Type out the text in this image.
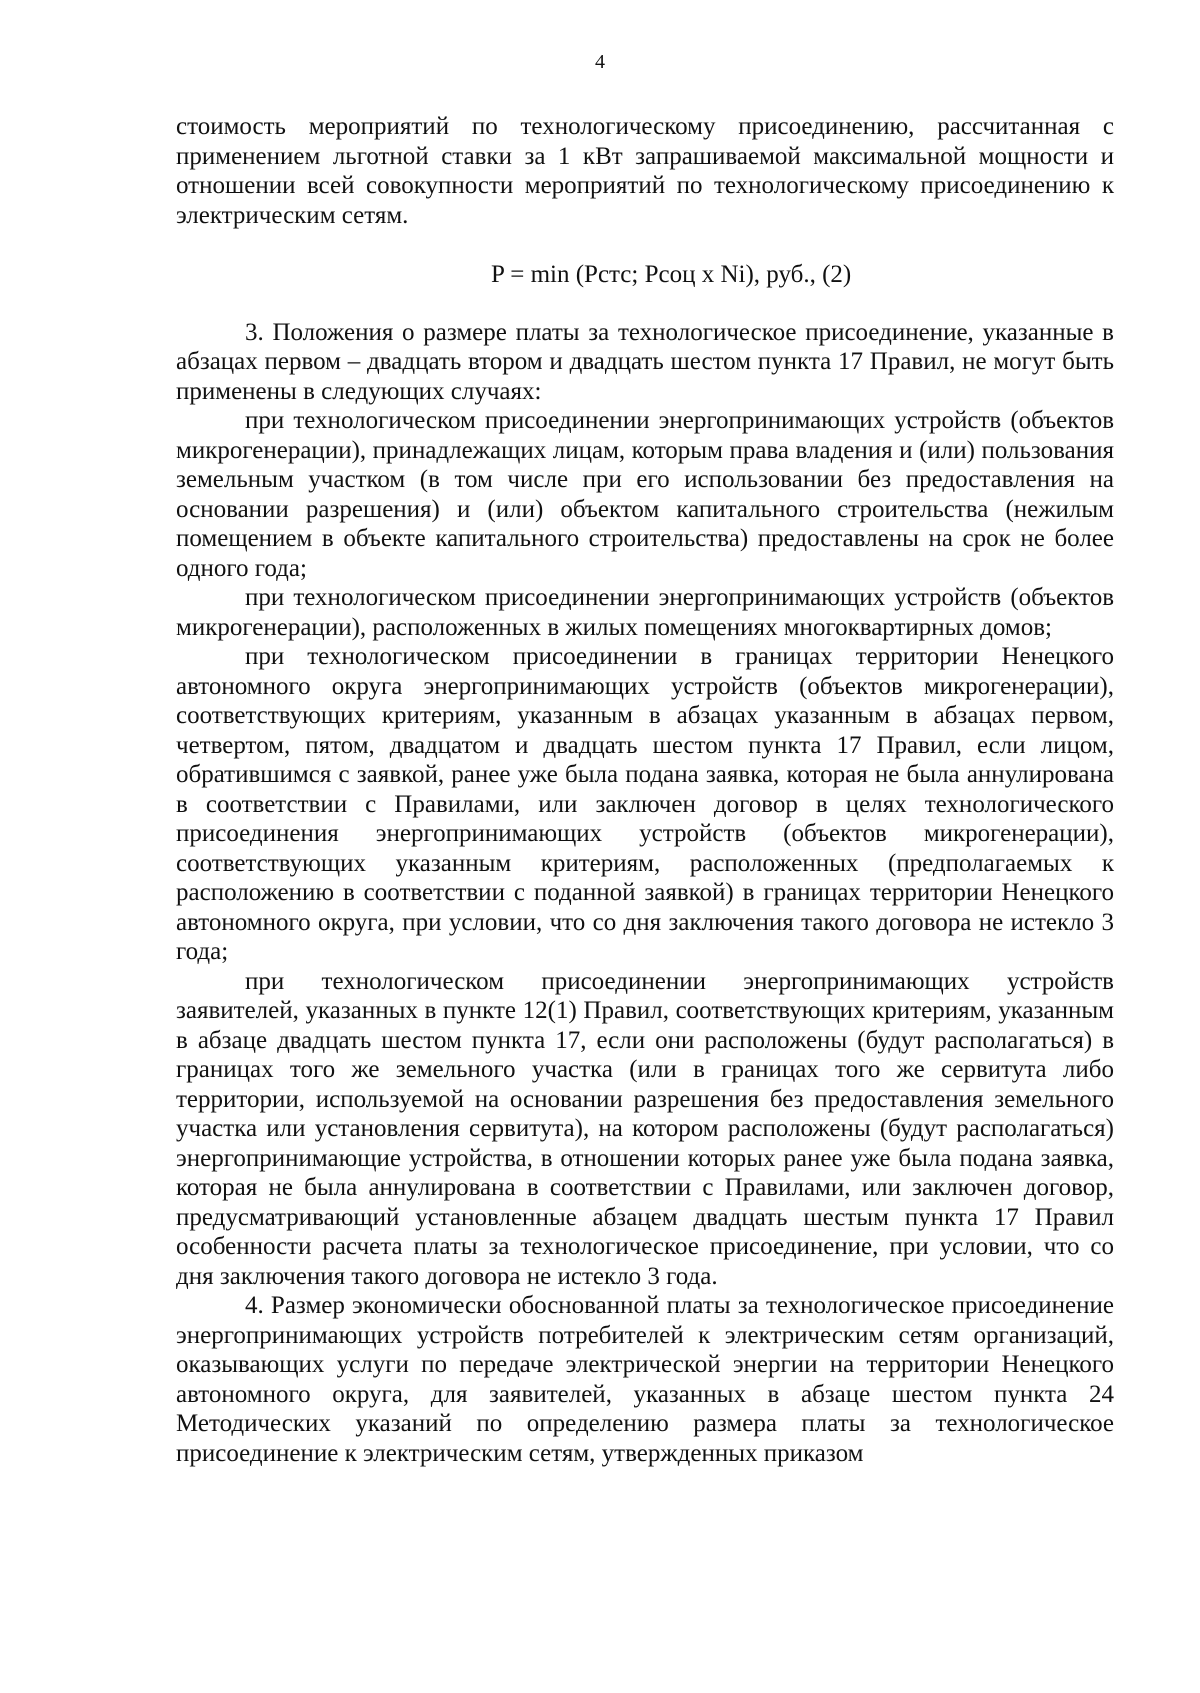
4

стоимость мероприятий по технологическому присоединению, рассчитанная с применением льготной ставки за 1 кВт запрашиваемой максимальной мощности и отношении всей совокупности мероприятий по технологическому присоединению к электрическим сетям.

P = min (Рстс; Рсоц x Ni), руб., (2)

3. Положения о размере платы за технологическое присоединение, указанные в абзацах первом – двадцать втором и двадцать шестом пункта 17 Правил, не могут быть применены в следующих случаях:

при технологическом присоединении энергопринимающих устройств (объектов микрогенерации), принадлежащих лицам, которым права владения и (или) пользования земельным участком (в том числе при его использовании без предоставления на основании разрешения) и (или) объектом капитального строительства (нежилым помещением в объекте капитального строительства) предоставлены на срок не более одного года;

при технологическом присоединении энергопринимающих устройств (объектов микрогенерации), расположенных в жилых помещениях многоквартирных домов;

при технологическом присоединении в границах территории Ненецкого автономного округа энергопринимающих устройств (объектов микрогенерации), соответствующих критериям, указанным в абзацах указанным в абзацах первом, четвертом, пятом, двадцатом и двадцать шестом пункта 17 Правил, если лицом, обратившимся с заявкой, ранее уже была подана заявка, которая не была аннулирована в соответствии с Правилами, или заключен договор в целях технологического присоединения энергопринимающих устройств (объектов микрогенерации), соответствующих указанным критериям, расположенных (предполагаемых к расположению в соответствии с поданной заявкой) в границах территории Ненецкого автономного округа, при условии, что со дня заключения такого договора не истекло 3 года;

при технологическом присоединении энергопринимающих устройств заявителей, указанных в пункте 12(1) Правил, соответствующих критериям, указанным в абзаце двадцать шестом пункта 17, если они расположены (будут располагаться) в границах того же земельного участка (или в границах того же сервитута либо территории, используемой на основании разрешения без предоставления земельного участка или установления сервитута), на котором расположены (будут располагаться) энергопринимающие устройства, в отношении которых ранее уже была подана заявка, которая не была аннулирована в соответствии с Правилами, или заключен договор, предусматривающий установленные абзацем двадцать шестым пункта 17 Правил особенности расчета платы за технологическое присоединение, при условии, что со дня заключения такого договора не истекло 3 года.

4. Размер экономически обоснованной платы за технологическое присоединение энергопринимающих устройств потребителей к электрическим сетям организаций, оказывающих услуги по передаче электрической энергии на территории Ненецкого автономного округа, для заявителей, указанных в абзаце шестом пункта 24 Методических указаний по определению размера платы за технологическое присоединение к электрическим сетям, утвержденных приказом
